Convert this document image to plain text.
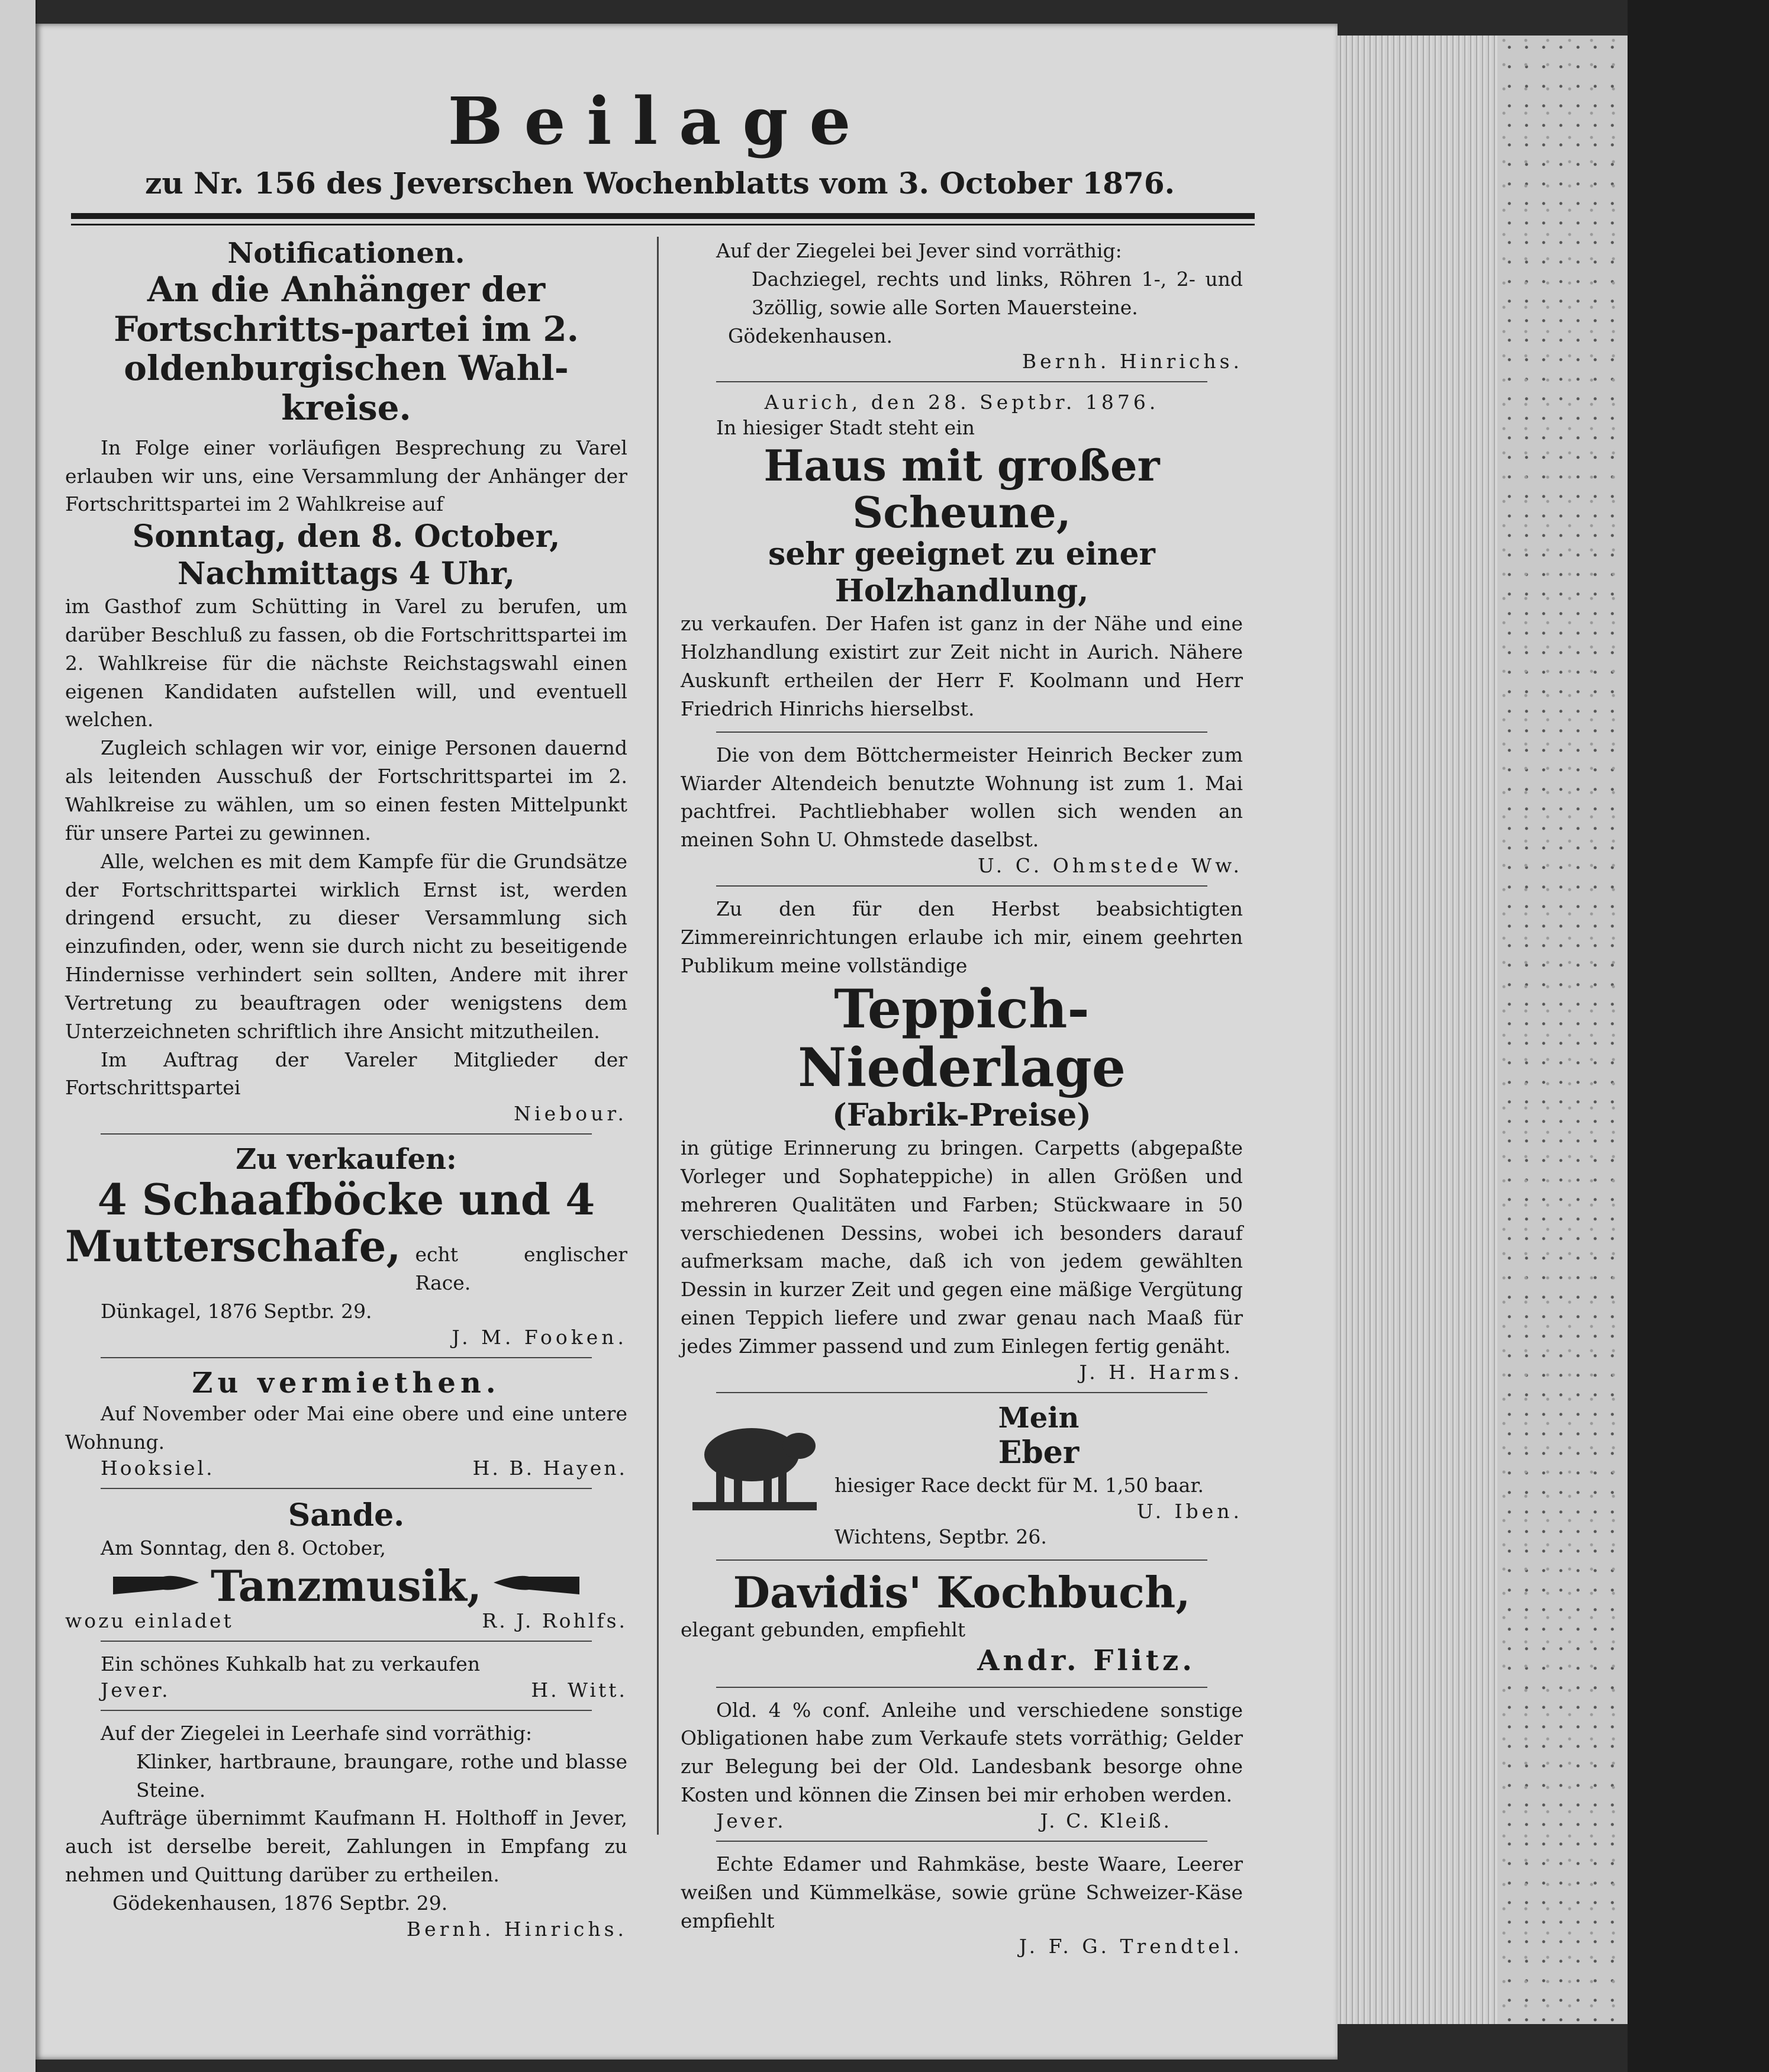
Beilage
zu Nr. 156 des Jeverschen Wochenblatts vom 3. October 1876.
Notificationen.
An die Anhänger der Fortschritts-partei im 2. oldenburgischen Wahl-kreise.
In Folge einer vorläufigen Besprechung zu Varel erlauben wir uns, eine Versammlung der Anhänger der Fortschrittspartei im 2 Wahlkreise auf
Sonntag, den 8. October,
Nachmittags 4 Uhr,
im Gasthof zum Schütting in Varel zu berufen, um darüber Beschluß zu fassen, ob die Fortschrittspartei im 2. Wahlkreise für die nächste Reichstagswahl einen eigenen Kandidaten aufstellen will, und eventuell welchen.
Zugleich schlagen wir vor, einige Personen dauernd als leitenden Ausschuß der Fortschrittspartei im 2. Wahlkreise zu wählen, um so einen festen Mittelpunkt für unsere Partei zu gewinnen.
Alle, welchen es mit dem Kampfe für die Grundsätze der Fortschrittspartei wirklich Ernst ist, werden dringend ersucht, zu dieser Versammlung sich einzufinden, oder, wenn sie durch nicht zu beseitigende Hindernisse verhindert sein sollten, Andere mit ihrer Vertretung zu beauftragen oder wenigstens dem Unterzeichneten schriftlich ihre Ansicht mitzutheilen.
Im Auftrag der Vareler Mitglieder der Fortschrittspartei
Niebour.
Zu verkaufen:
4 Schaafböcke und 4
Mutterschafe, echt englischer Race.
Dünkagel, 1876 Septbr. 29.
J. M. Fooken.
Zu vermiethen.
Auf November oder Mai eine obere und eine untere Wohnung.
Hooksiel.	H. B. Hayen.
Sande.
Am Sonntag, den 8. October,
Tanzmusik,
wozu einladet	R. J. Rohlfs.
Ein schönes Kuhkalb hat zu verkaufen
Jever.	H. Witt.
Auf der Ziegelei in Leerhafe sind vorräthig:
Klinker, hartbraune, braungare, rothe und blasse Steine.
Aufträge übernimmt Kaufmann H. Holthoff in Jever, auch ist derselbe bereit, Zahlungen in Empfang zu nehmen und Quittung darüber zu ertheilen.
Gödekenhausen, 1876 Septbr. 29.
Bernh. Hinrichs.
Auf der Ziegelei bei Jever sind vorräthig:
Dachziegel, rechts und links, Röhren 1-, 2- und 3zöllig, sowie alle Sorten Mauersteine.
Gödekenhausen.
Bernh. Hinrichs.
Aurich, den 28. Septbr. 1876.
In hiesiger Stadt steht ein
Haus mit großer Scheune,
sehr geeignet zu einer Holzhandlung,
zu verkaufen. Der Hafen ist ganz in der Nähe und eine Holzhandlung existirt zur Zeit nicht in Aurich. Nähere Auskunft ertheilen der Herr F. Koolmann und Herr Friedrich Hinrichs hierselbst.
Die von dem Böttchermeister Heinrich Becker zum Wiarder Altendeich benutzte Wohnung ist zum 1. Mai pachtfrei. Pachtliebhaber wollen sich wenden an meinen Sohn U. Ohmstede daselbst.
U. C. Ohmstede Ww.
Zu den für den Herbst beabsichtigten Zimmereinrichtungen erlaube ich mir, einem geehrten Publikum meine vollständige
Teppich-Niederlage
(Fabrik-Preise)
in gütige Erinnerung zu bringen. Carpetts (abgepaßte Vorleger und Sophateppiche) in allen Größen und mehreren Qualitäten und Farben; Stückwaare in 50 verschiedenen Dessins, wobei ich besonders darauf aufmerksam mache, daß ich von jedem gewählten Dessin in kurzer Zeit und gegen eine mäßige Vergütung einen Teppich liefere und zwar genau nach Maaß für jedes Zimmer passend und zum Einlegen fertig genäht.
J. H. Harms.
Mein
Eber
hiesiger Race deckt für M. 1,50 baar.
U. Iben.
Wichtens, Septbr. 26.
Davidis' Kochbuch,
elegant gebunden, empfiehlt
Andr. Flitz.
Old. 4 % conf. Anleihe und verschiedene sonstige Obligationen habe zum Verkaufe stets vorräthig; Gelder zur Belegung bei der Old. Landesbank besorge ohne Kosten und können die Zinsen bei mir erhoben werden.
Jever.	J. C. Kleiß.
Echte Edamer und Rahmkäse, beste Waare, Leerer weißen und Kümmelkäse, sowie grüne Schweizer-Käse empfiehlt
J. F. G. Trendtel.
